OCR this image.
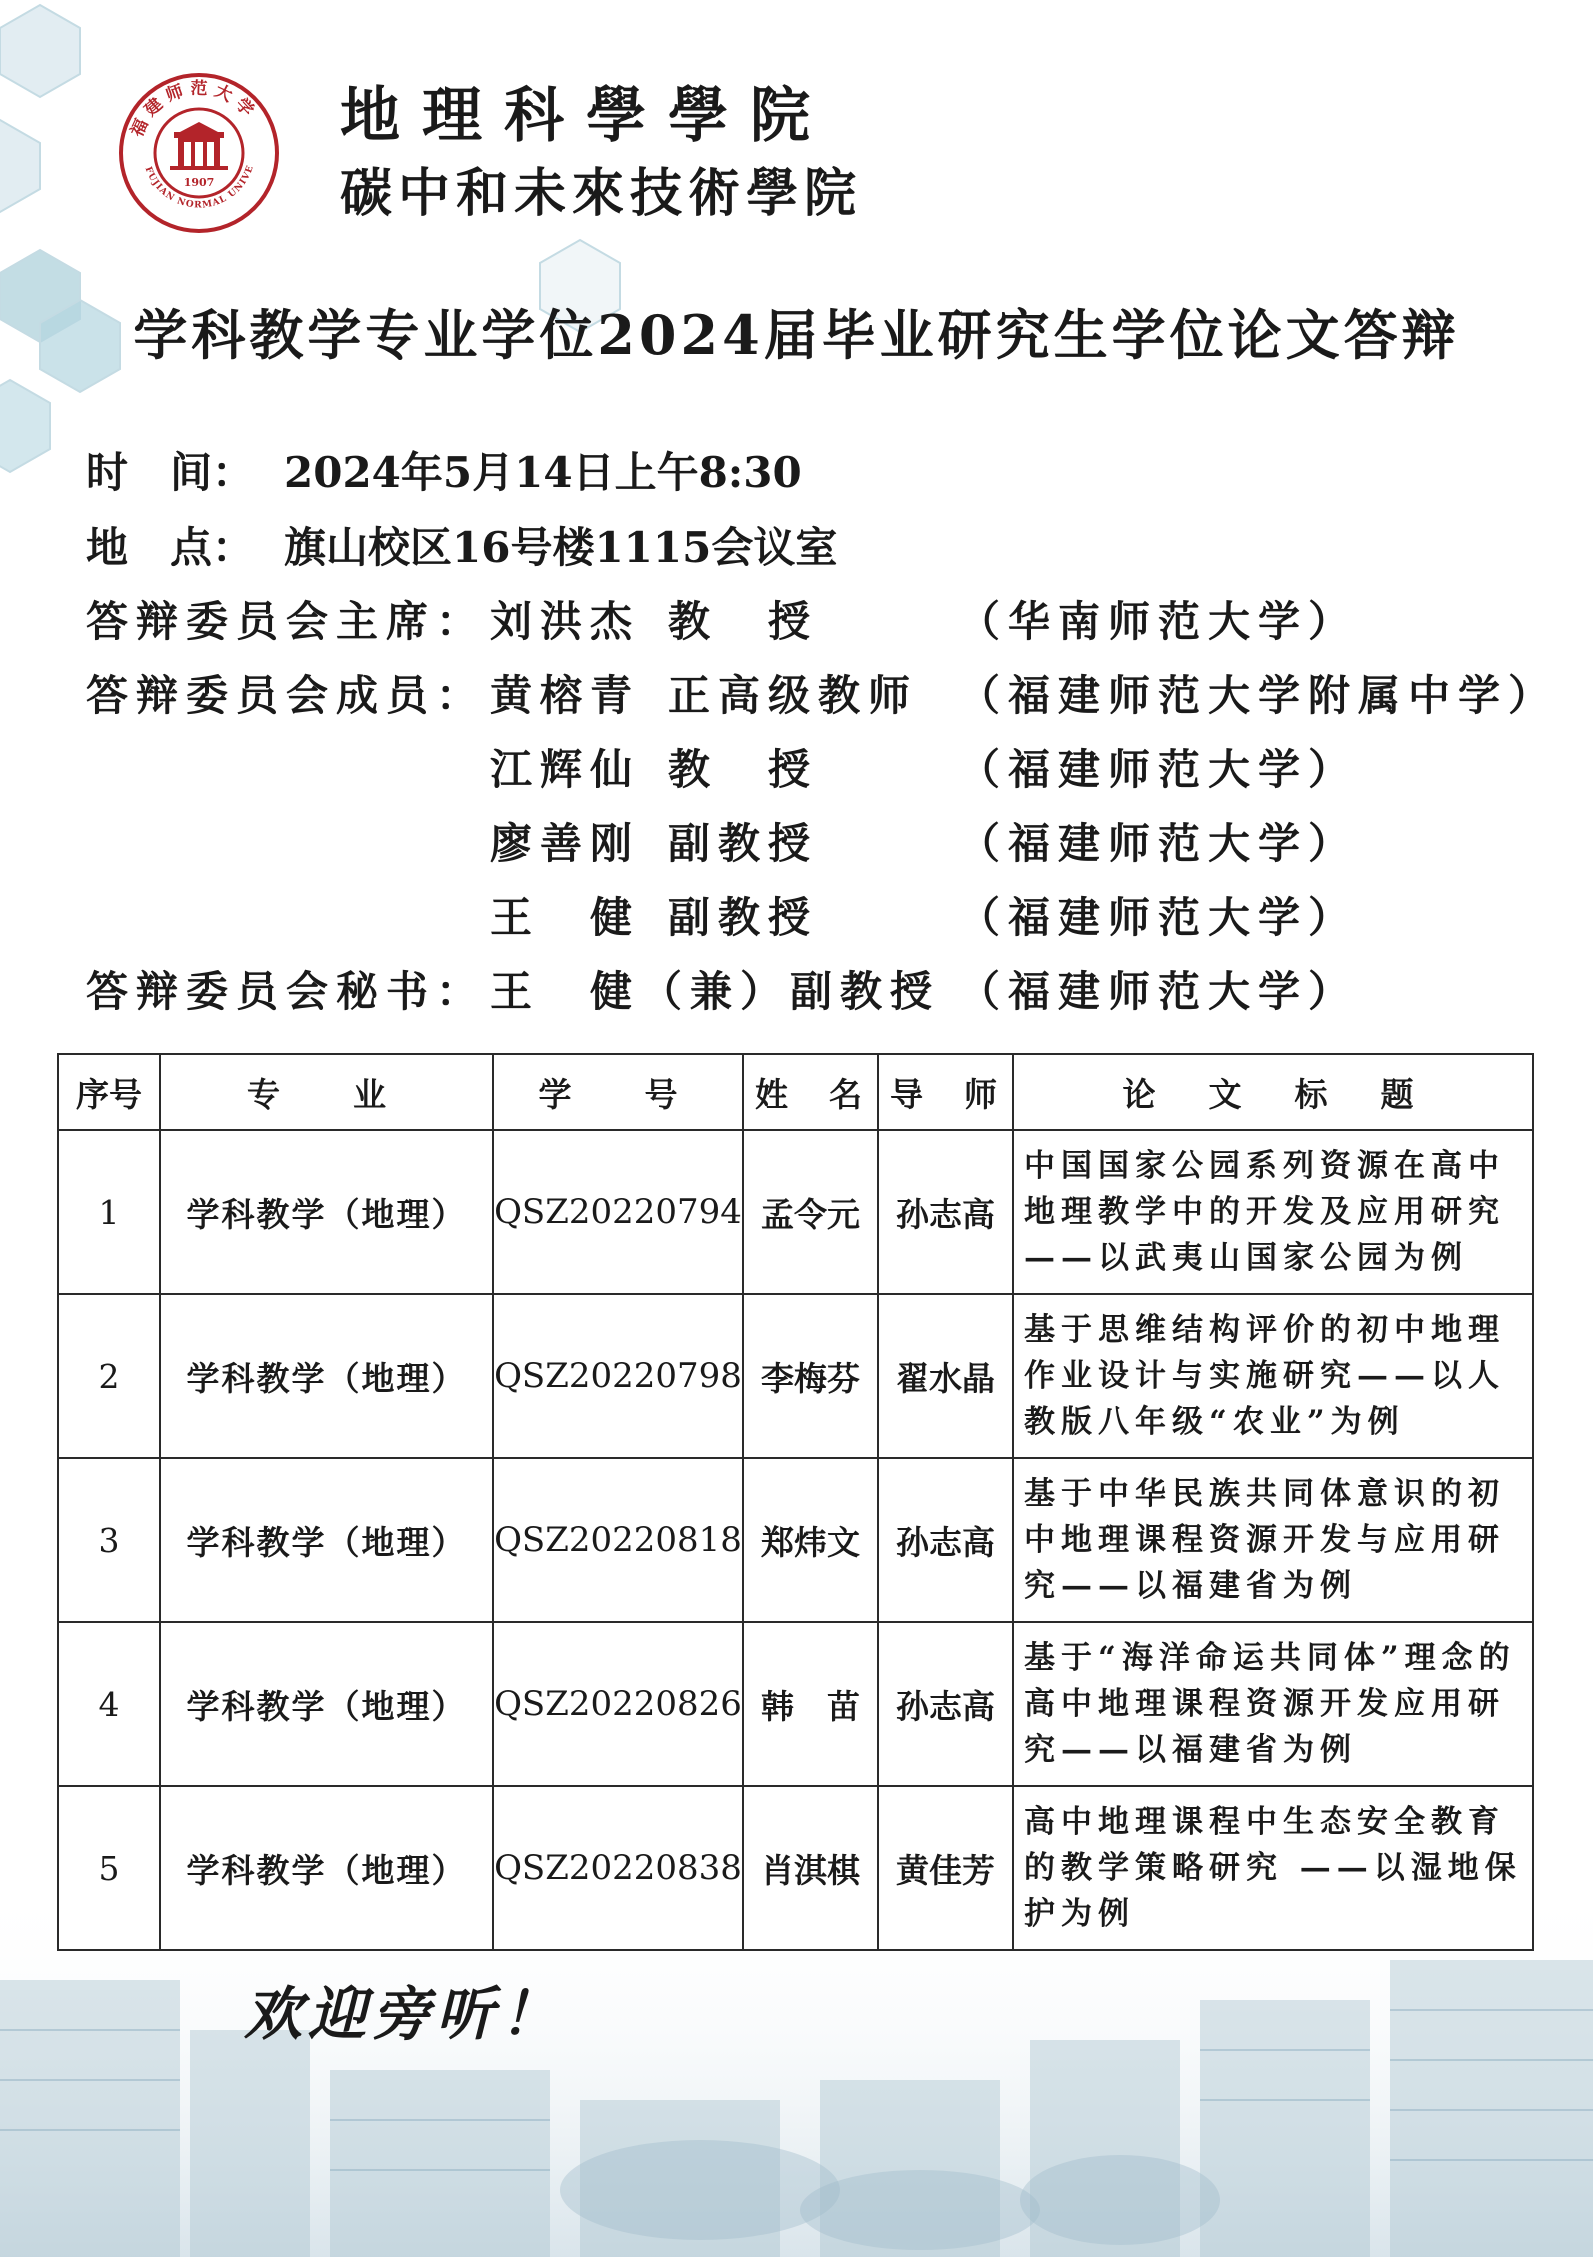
福建师范大学
FUJIAN NORMAL UNIVE
1907
地理科學學院
碳中和未來技術學院
学科教学专业学位2024届毕业研究生学位论文答辩
时　间： 2024年5月14日上午8:30
地　点： 旗山校区16号楼1115会议室
答辩委员会主席： 刘洪杰 教　授	（华南师范大学）
答辩委员会成员： 黄榕青 正高级教师 （福建师范大学附属中学）
江辉仙 教　授	（福建师范大学）
廖善刚 副教授	（福建师范大学）
王　健 副教授	（福建师范大学）
答辩委员会秘书： 王　健（兼） 副教授 （福建师范大学）
序号	专　业	学　号	姓　名	导　师	论　文　标　题
1	学科教学（地理）	QSZ20220794	孟令元	孙志高	中国国家公园系列资源在高中地理教学中的开发及应用研究——以武夷山国家公园为例
2	学科教学（地理）	QSZ20220798	李梅芬	翟水晶	基于思维结构评价的初中地理作业设计与实施研究——以人教版八年级“农业”为例
3	学科教学（地理）	QSZ20220818	郑炜文	孙志高	基于中华民族共同体意识的初中地理课程资源开发与应用研究——以福建省为例
4	学科教学（地理）	QSZ20220826	韩　苗	孙志高	基于“海洋命运共同体”理念的高中地理课程资源开发应用研究——以福建省为例
5	学科教学（地理）	QSZ20220838	肖淇棋	黄佳芳	高中地理课程中生态安全教育的教学策略研究 ——以湿地保护为例
欢迎旁听！
